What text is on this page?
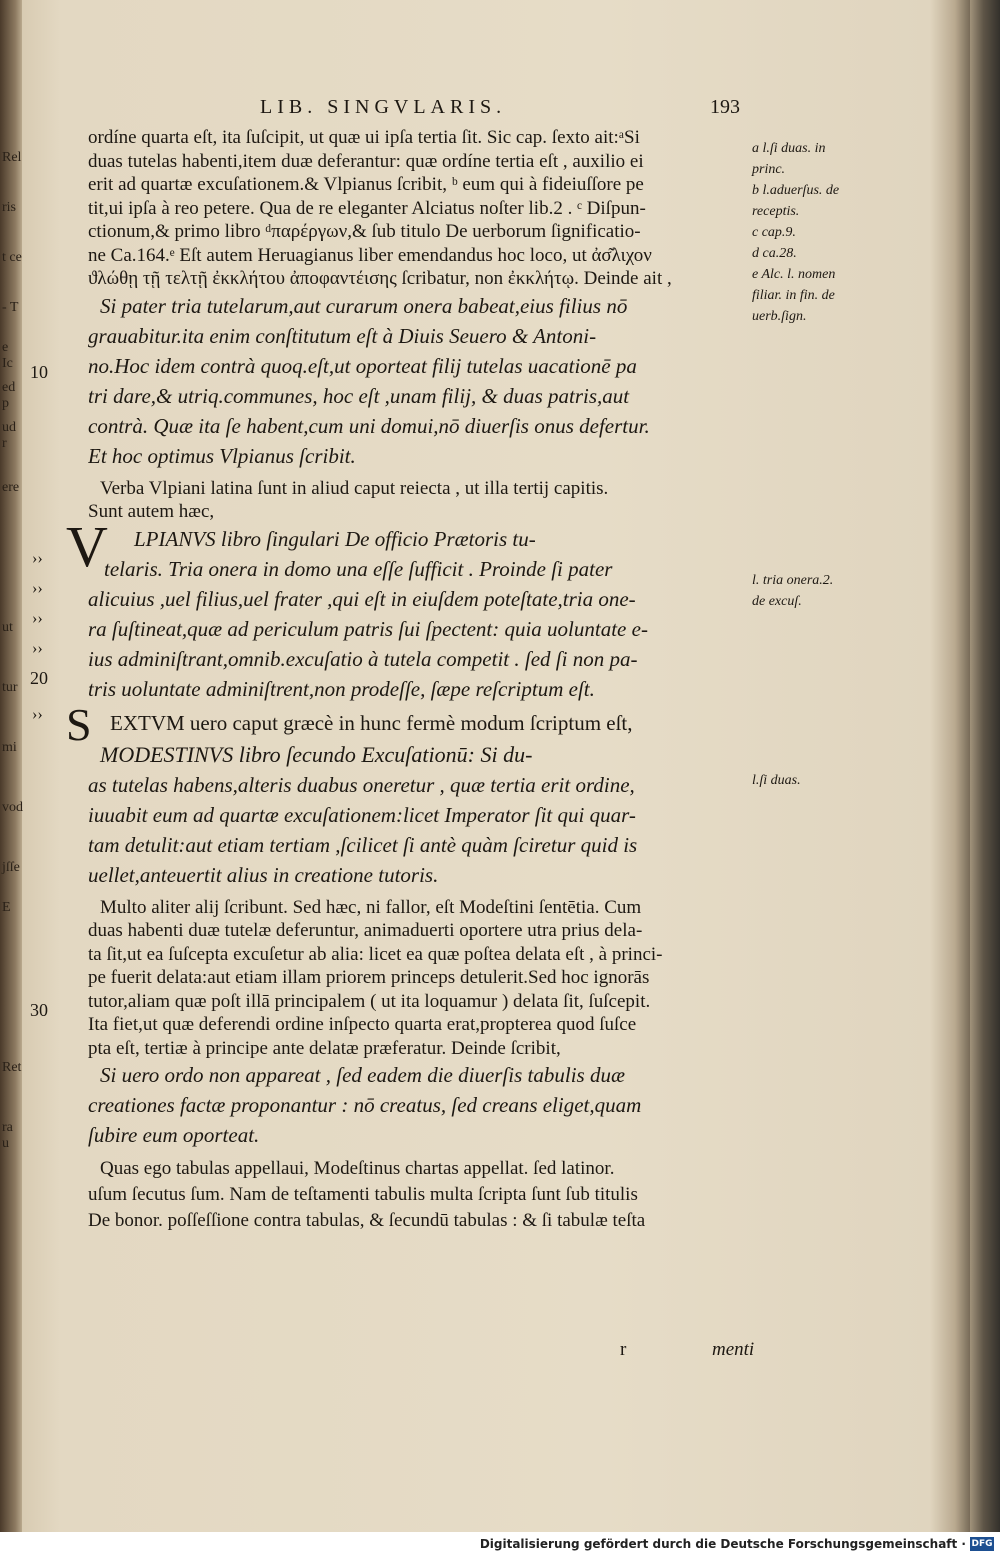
Rel
ris
t ce
- T
e Ic
ed p
ud r
ere
ut
tur
mi
vod
jſſe
E
Ret
ra u
LIB. SINGVLARIS.	193
10
20
30
››
››
››
››
››
ordíne quarta eſt, ita ſuſcipit, ut quæ ui ipſa tertia ſit. Sic cap. ſexto ait:ᵃSi
duas tutelas habenti,item duæ deferantur: quæ ordíne tertia eſt , auxilio ei
erit ad quartæ excuſationem.& Vlpianus ſcribit, ᵇ eum qui à fideiuſſore pe
tit,ui ipſa à reo petere. Qua de re eleganter Alciatus noſter lib.2 . ᶜ Diſpun-
ctionum,& primo libro ᵈπαρέργων,& ſub titulo De uerborum ſignificatio-
ne Ca.164.ᵉ Eſt autem Heruagianus liber emendandus hoc loco, ut ἀσ͂λιχον
ϑλώθῃ τῇ τελτῇ ἐκκλήτου ἀποφαντέισης ſcribatur, non ἐκκλήτῳ. Deinde ait ,
Si pater tria tutelarum,aut curarum onera babeat,eius filius nō
grauabitur.ita enim conſtitutum eſt à Diuis Seuero & Antoni-
no.Hoc idem contrà quoq.eſt,ut oporteat filij tutelas uacationē pa
tri dare,& utriq.communes, hoc eſt ,unam filij, & duas patris,aut
contrà. Quæ ita ſe habent,cum uni domui,nō diuerſis onus defertur.
Et hoc optimus Vlpianus ſcribit.
Verba Vlpiani latina ſunt in aliud caput reiecta , ut illa tertij capitis.
Sunt autem hæc,
V	LPIANVS libro ſingulari De officio Prætoris tu-
telaris. Tria onera in domo una eſſe ſufficit . Proinde ſi pater
alicuius ,uel filius,uel frater ,qui eſt in eiuſdem poteſtate,tria one-
ra ſuſtineat,quæ ad periculum patris ſui ſpectent: quia uoluntate e-
ius adminiſtrant,omnib.excuſatio à tutela competit . ſed ſi non pa-
tris uoluntate adminiſtrent,non prodeſſe, ſæpe reſcriptum eſt.
S EXTVM uero caput græcè in hunc fermè modum ſcriptum eſt,
MODESTINVS libro ſecundo Excuſationū: Si du-
as tutelas habens,alteris duabus oneretur , quæ tertia erit ordine,
iuuabit eum ad quartæ excuſationem:licet Imperator ſit qui quar-
tam detulit:aut etiam tertiam ,ſcilicet ſi antè quàm ſciretur quid is
uellet,anteuertit alius in creatione tutoris.
Multo aliter alij ſcribunt. Sed hæc, ni fallor, eſt Modeſtini ſentētia. Cum
duas habenti duæ tutelæ deferuntur, animaduerti oportere utra prius dela-
ta ſit,ut ea ſuſcepta excuſetur ab alia: licet ea quæ poſtea delata eſt , à princi-
pe fuerit delata:aut etiam illam priorem princeps detulerit.Sed hoc ignorās
tutor,aliam quæ poſt illā principalem ( ut ita loquamur ) delata ſit, ſuſcepit.
Ita fiet,ut quæ deferendi ordine inſpecto quarta erat,propterea quod ſuſce
pta eſt, tertiæ à principe ante delatæ præferatur. Deinde ſcribit,
Si uero ordo non appareat , ſed eadem die diuerſis tabulis duæ
creationes factæ proponantur : nō creatus, ſed creans eliget,quam
ſubire eum oporteat.
Quas ego tabulas appellaui, Modeſtinus chartas appellat. ſed latinor.
uſum ſecutus ſum. Nam de teſtamenti tabulis multa ſcripta ſunt ſub titulis
De bonor. poſſeſſione contra tabulas, & ſecundū tabulas : & ſi tabulæ teſta
a l.ſi duas. in
princ.
b l.aduerſus. de
receptis.
c cap.9.
d ca.28.
e Alc. l. nomen
filiar. in fin. de
uerb.ſign.
l. tria onera.2.
de excuſ.
l.ſi duas.
r	menti
Digitalisierung gefördert durch die Deutsche Forschungsgemeinschaft · DFG
